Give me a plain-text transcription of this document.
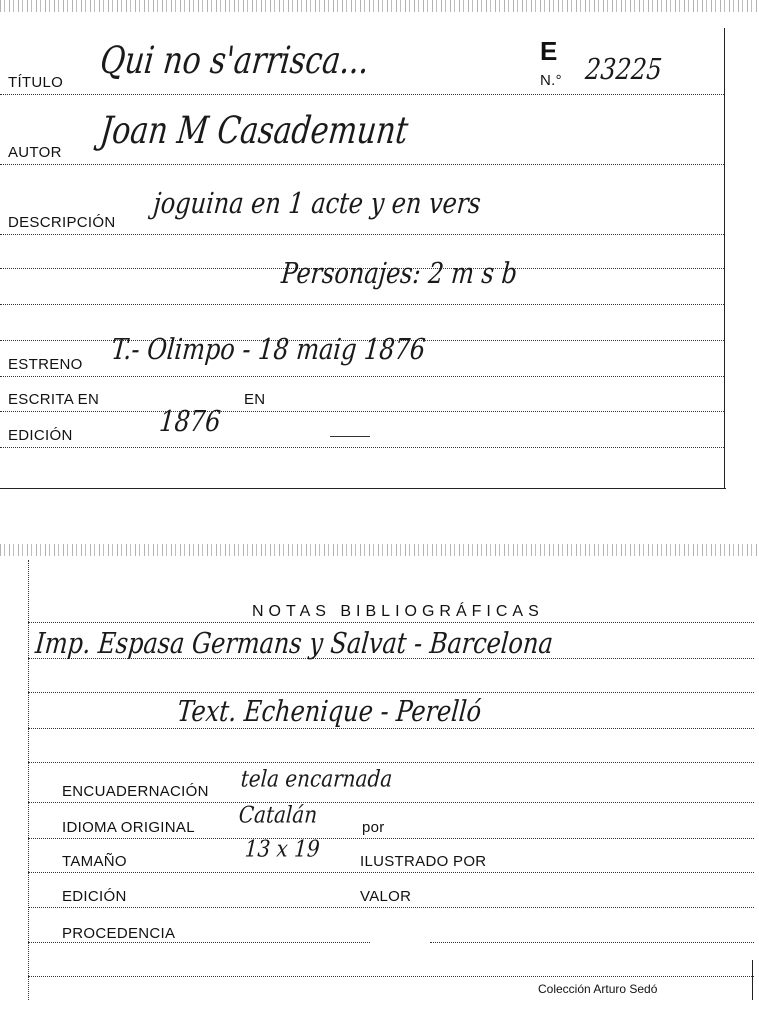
E
N.° 23225
TÍTULO Qui no s'arrisca...
AUTOR Joan M Casademunt
DESCRIPCIÓN
joguina en 1 acte y en vers
Personajes: 2 m s b
ESTRENO T.- Olimpo - 18 maig 1876
ESCRITA EN	EN
EDICIÓN	1876
NOTAS BIBLIOGRÁFICAS
Imp. Espasa Germans y Salvat - Barcelona
Text. Echenique - Perelló
ENCUADERNACIÓN tela encarnada
IDIOMA ORIGINAL Catalán	por
TAMAÑO	13 x 19	ILUSTRADO POR
EDICIÓN	VALOR
PROCEDENCIA
Colección Arturo Sedó
